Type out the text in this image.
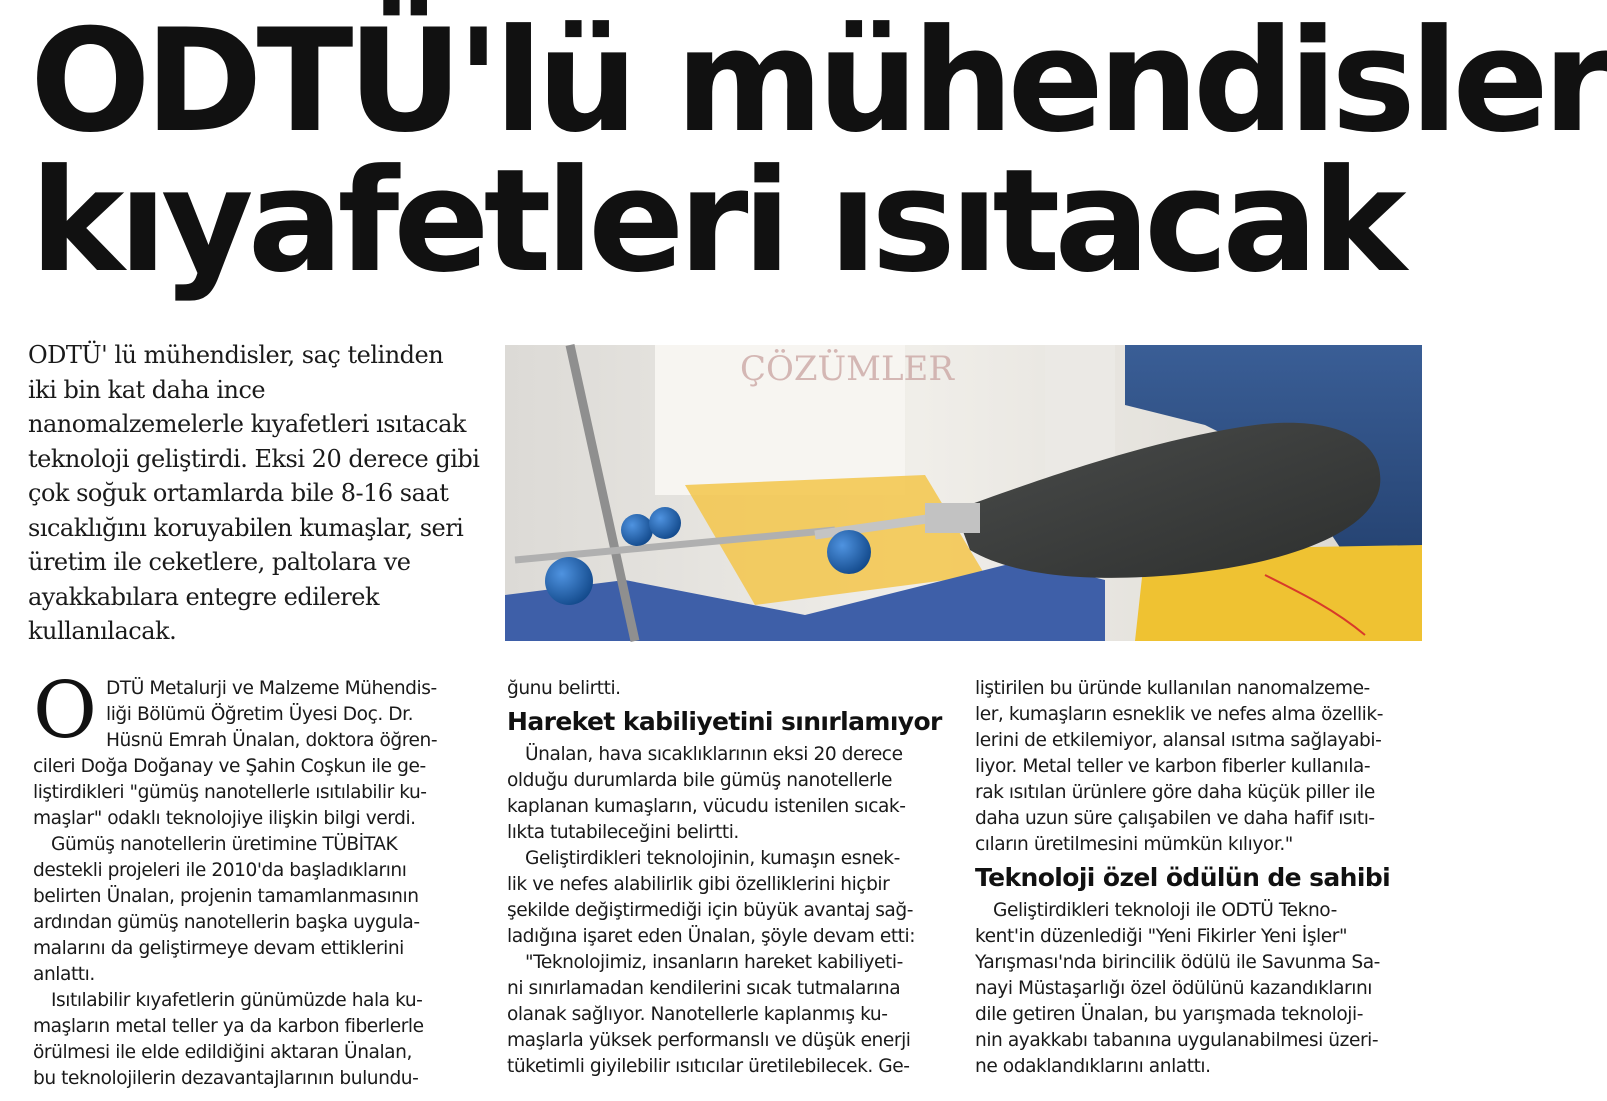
ODTÜ'lü mühendisler
kıyafetleri ısıtacak

ODTÜ' lü mühendisler, saç telinden
iki bin kat daha ince
nanomalzemelerle kıyafetleri ısıtacak
teknoloji geliştirdi. Eksi 20 derece gibi
çok soğuk ortamlarda bile 8-16 saat
sıcaklığını koruyabilen kumaşlar, seri
üretim ile ceketlere, paltolara ve
ayakkabılara entegre edilerek
kullanılacak.

ÇÖZÜMLER
O DTÜ Metalurji ve Malzeme Mühendis-
liği Bölümü Öğretim Üyesi Doç. Dr.
Hüsnü Emrah Ünalan, doktora öğren-
cileri Doğa Doğanay ve Şahin Coşkun ile ge-
liştirdikleri "gümüş nanotellerle ısıtılabilir ku-
maşlar" odaklı teknolojiye ilişkin bilgi verdi.
Gümüş nanotellerin üretimine TÜBİTAK
destekli projeleri ile 2010'da başladıklarını
belirten Ünalan, projenin tamamlanmasının
ardından gümüş nanotellerin başka uygula-
malarını da geliştirmeye devam ettiklerini
anlattı.
Isıtılabilir kıyafetlerin günümüzde hala ku-
maşların metal teller ya da karbon fiberlerle
örülmesi ile elde edildiğini aktaran Ünalan,
bu teknolojilerin dezavantajlarının bulundu-
ğunu belirtti.
Hareket kabiliyetini sınırlamıyor
Ünalan, hava sıcaklıklarının eksi 20 derece
olduğu durumlarda bile gümüş nanotellerle
kaplanan kumaşların, vücudu istenilen sıcak-
lıkta tutabileceğini belirtti.
Geliştirdikleri teknolojinin, kumaşın esnek-
lik ve nefes alabilirlik gibi özelliklerini hiçbir
şekilde değiştirmediği için büyük avantaj sağ-
ladığına işaret eden Ünalan, şöyle devam etti:
"Teknolojimiz, insanların hareket kabiliyeti-
ni sınırlamadan kendilerini sıcak tutmalarına
olanak sağlıyor. Nanotellerle kaplanmış ku-
maşlarla yüksek performanslı ve düşük enerji
tüketimli giyilebilir ısıtıcılar üretilebilecek. Ge-
liştirilen bu üründe kullanılan nanomalzeme-
ler, kumaşların esneklik ve nefes alma özellik-
lerini de etkilemiyor, alansal ısıtma sağlayabi-
liyor. Metal teller ve karbon fiberler kullanıla-
rak ısıtılan ürünlere göre daha küçük piller ile
daha uzun süre çalışabilen ve daha hafif ısıtı-
cıların üretilmesini mümkün kılıyor."
Teknoloji özel ödülün de sahibi
Geliştirdikleri teknoloji ile ODTÜ Tekno-
kent'in düzenlediği "Yeni Fikirler Yeni İşler"
Yarışması'nda birincilik ödülü ile Savunma Sa-
nayi Müstaşarlığı özel ödülünü kazandıklarını
dile getiren Ünalan, bu yarışmada teknoloji-
nin ayakkabı tabanına uygulanabilmesi üzeri-
ne odaklandıklarını anlattı.
